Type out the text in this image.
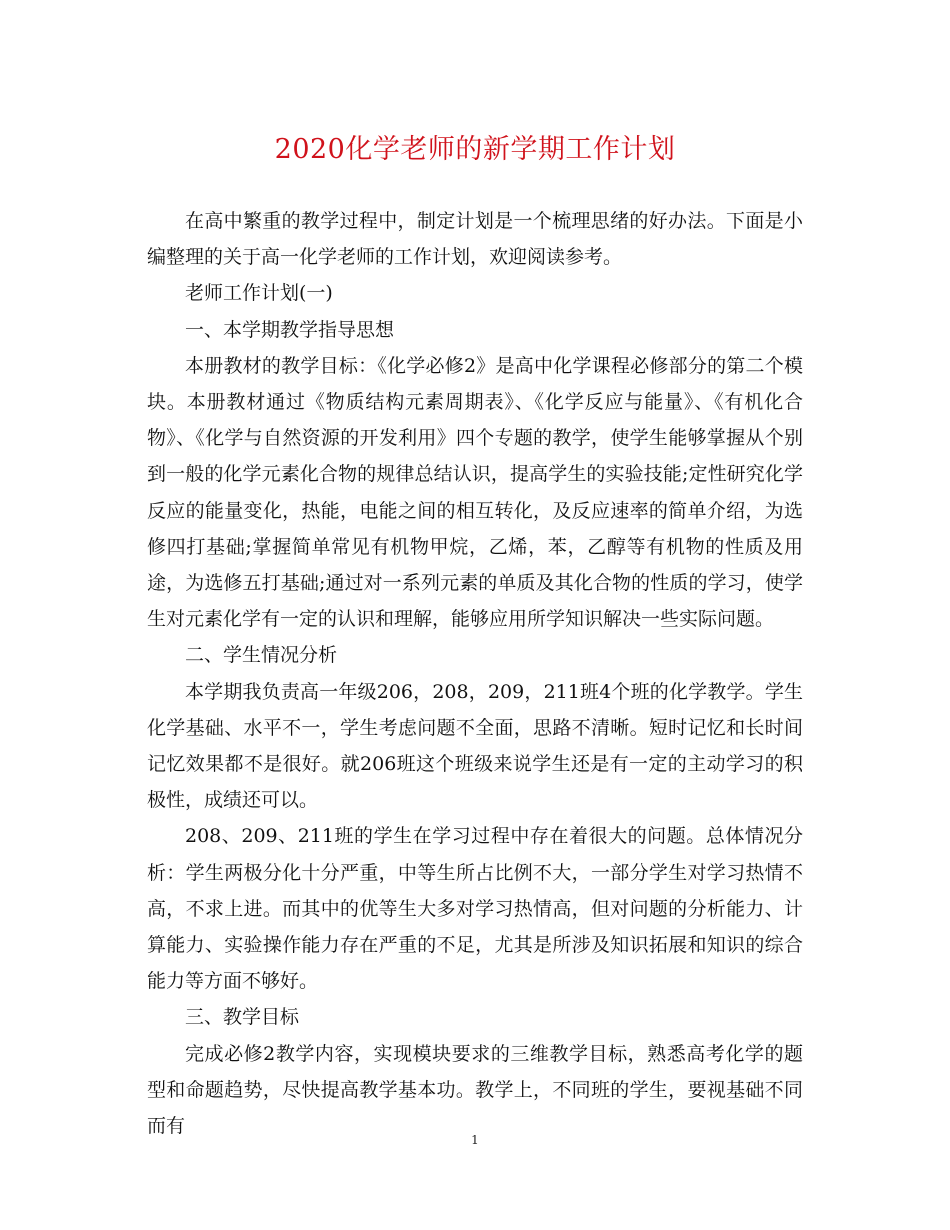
2020化学老师的新学期工作计划

在高中繁重的教学过程中，制定计划是一个梳理思绪的好办法。下面是小编整理的关于高一化学老师的工作计划，欢迎阅读参考。

老师工作计划(一)

一、本学期教学指导思想

本册教材的教学目标：《化学必修2》是高中化学课程必修部分的第二个模块。本册教材通过《物质结构元素周期表》、《化学反应与能量》、《有机化合物》、《化学与自然资源的开发利用》四个专题的教学，使学生能够掌握从个别到一般的化学元素化合物的规律总结认识，提高学生的实验技能;定性研究化学反应的能量变化，热能，电能之间的相互转化，及反应速率的简单介绍，为选修四打基础;掌握简单常见有机物甲烷，乙烯，苯，乙醇等有机物的性质及用途，为选修五打基础;通过对一系列元素的单质及其化合物的性质的学习，使学生对元素化学有一定的认识和理解，能够应用所学知识解决一些实际问题。

二、学生情况分析

本学期我负责高一年级206，208，209，211班4个班的化学教学。学生化学基础、水平不一，学生考虑问题不全面，思路不清晰。短时记忆和长时间记忆效果都不是很好。就206班这个班级来说学生还是有一定的主动学习的积极性，成绩还可以。

208、209、211班的学生在学习过程中存在着很大的问题。总体情况分析：学生两极分化十分严重，中等生所占比例不大，一部分学生对学习热情不高，不求上进。而其中的优等生大多对学习热情高，但对问题的分析能力、计算能力、实验操作能力存在严重的不足，尤其是所涉及知识拓展和知识的综合能力等方面不够好。

三、教学目标

完成必修2教学内容，实现模块要求的三维教学目标，熟悉高考化学的题型和命题趋势，尽快提高教学基本功。教学上，不同班的学生，要视基础不同而有

1
